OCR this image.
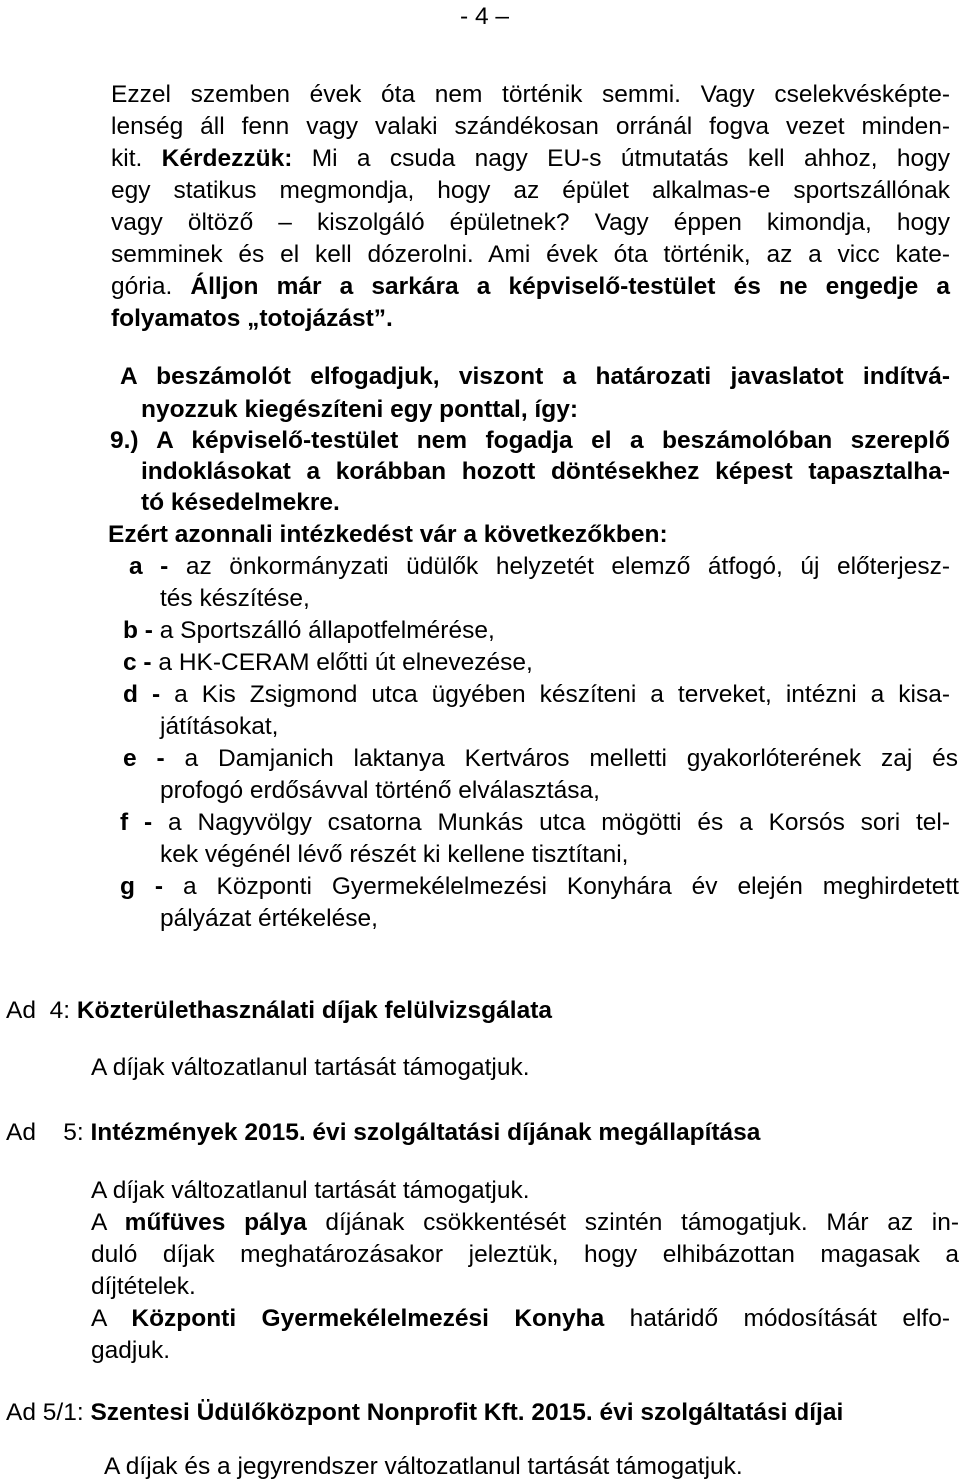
- 4 –
Ezzel szemben évek óta nem történik semmi. Vagy cselekvésképte-
lenség áll fenn vagy valaki szándékosan orránál fogva vezet minden-
kit. Kérdezzük: Mi a csuda nagy EU-s útmutatás kell ahhoz, hogy
egy statikus megmondja, hogy az épület alkalmas-e sportszállónak
vagy öltöző – kiszolgáló épületnek? Vagy éppen kimondja, hogy
semminek és el kell dózerolni. Ami évek óta történik, az a vicc kate-
gória. Álljon már a sarkára a képviselő-testület és ne engedje a
folyamatos „totojázást”.
A beszámolót elfogadjuk, viszont a határozati javaslatot indítvá-
nyozzuk kiegészíteni egy ponttal, így:
9.) A képviselő-testület nem fogadja el a beszámolóban szereplő
indoklásokat a korábban hozott döntésekhez képest tapasztalha-
tó késedelmekre.
Ezért azonnali intézkedést vár a következőkben:
a - az önkormányzati üdülők helyzetét elemző átfogó, új előterjesz-
tés készítése,
b - a Sportszálló állapotfelmérése,
c - a HK-CERAM előtti út elnevezése,
d - a Kis Zsigmond utca ügyében készíteni a terveket, intézni a kisa-
játításokat,
e - a Damjanich laktanya Kertváros melletti gyakorlóterének zaj és
profogó erdősávval történő elválasztása,
f - a Nagyvölgy csatorna Munkás utca mögötti és a Korsós sori tel-
kek végénél lévő részét ki kellene tisztítani,
g - a Központi Gyermekélelmezési Konyhára év elején meghirdetett
pályázat értékelése,
Ad  4: Közterülethasználati díjak felülvizsgálata
A díjak változatlanul tartását támogatjuk.
Ad    5: Intézmények 2015. évi szolgáltatási díjának megállapítása
A díjak változatlanul tartását támogatjuk.
A műfüves pálya díjának csökkentését szintén támogatjuk. Már az in-
duló díjak meghatározásakor jeleztük, hogy elhibázottan magasak a
díjtételek.
A Központi Gyermekélelmezési Konyha határidő módosítását elfo-
gadjuk.
Ad 5/1: Szentesi Üdülőközpont Nonprofit Kft. 2015. évi szolgáltatási díjai
A díjak és a jegyrendszer változatlanul tartását támogatjuk.
